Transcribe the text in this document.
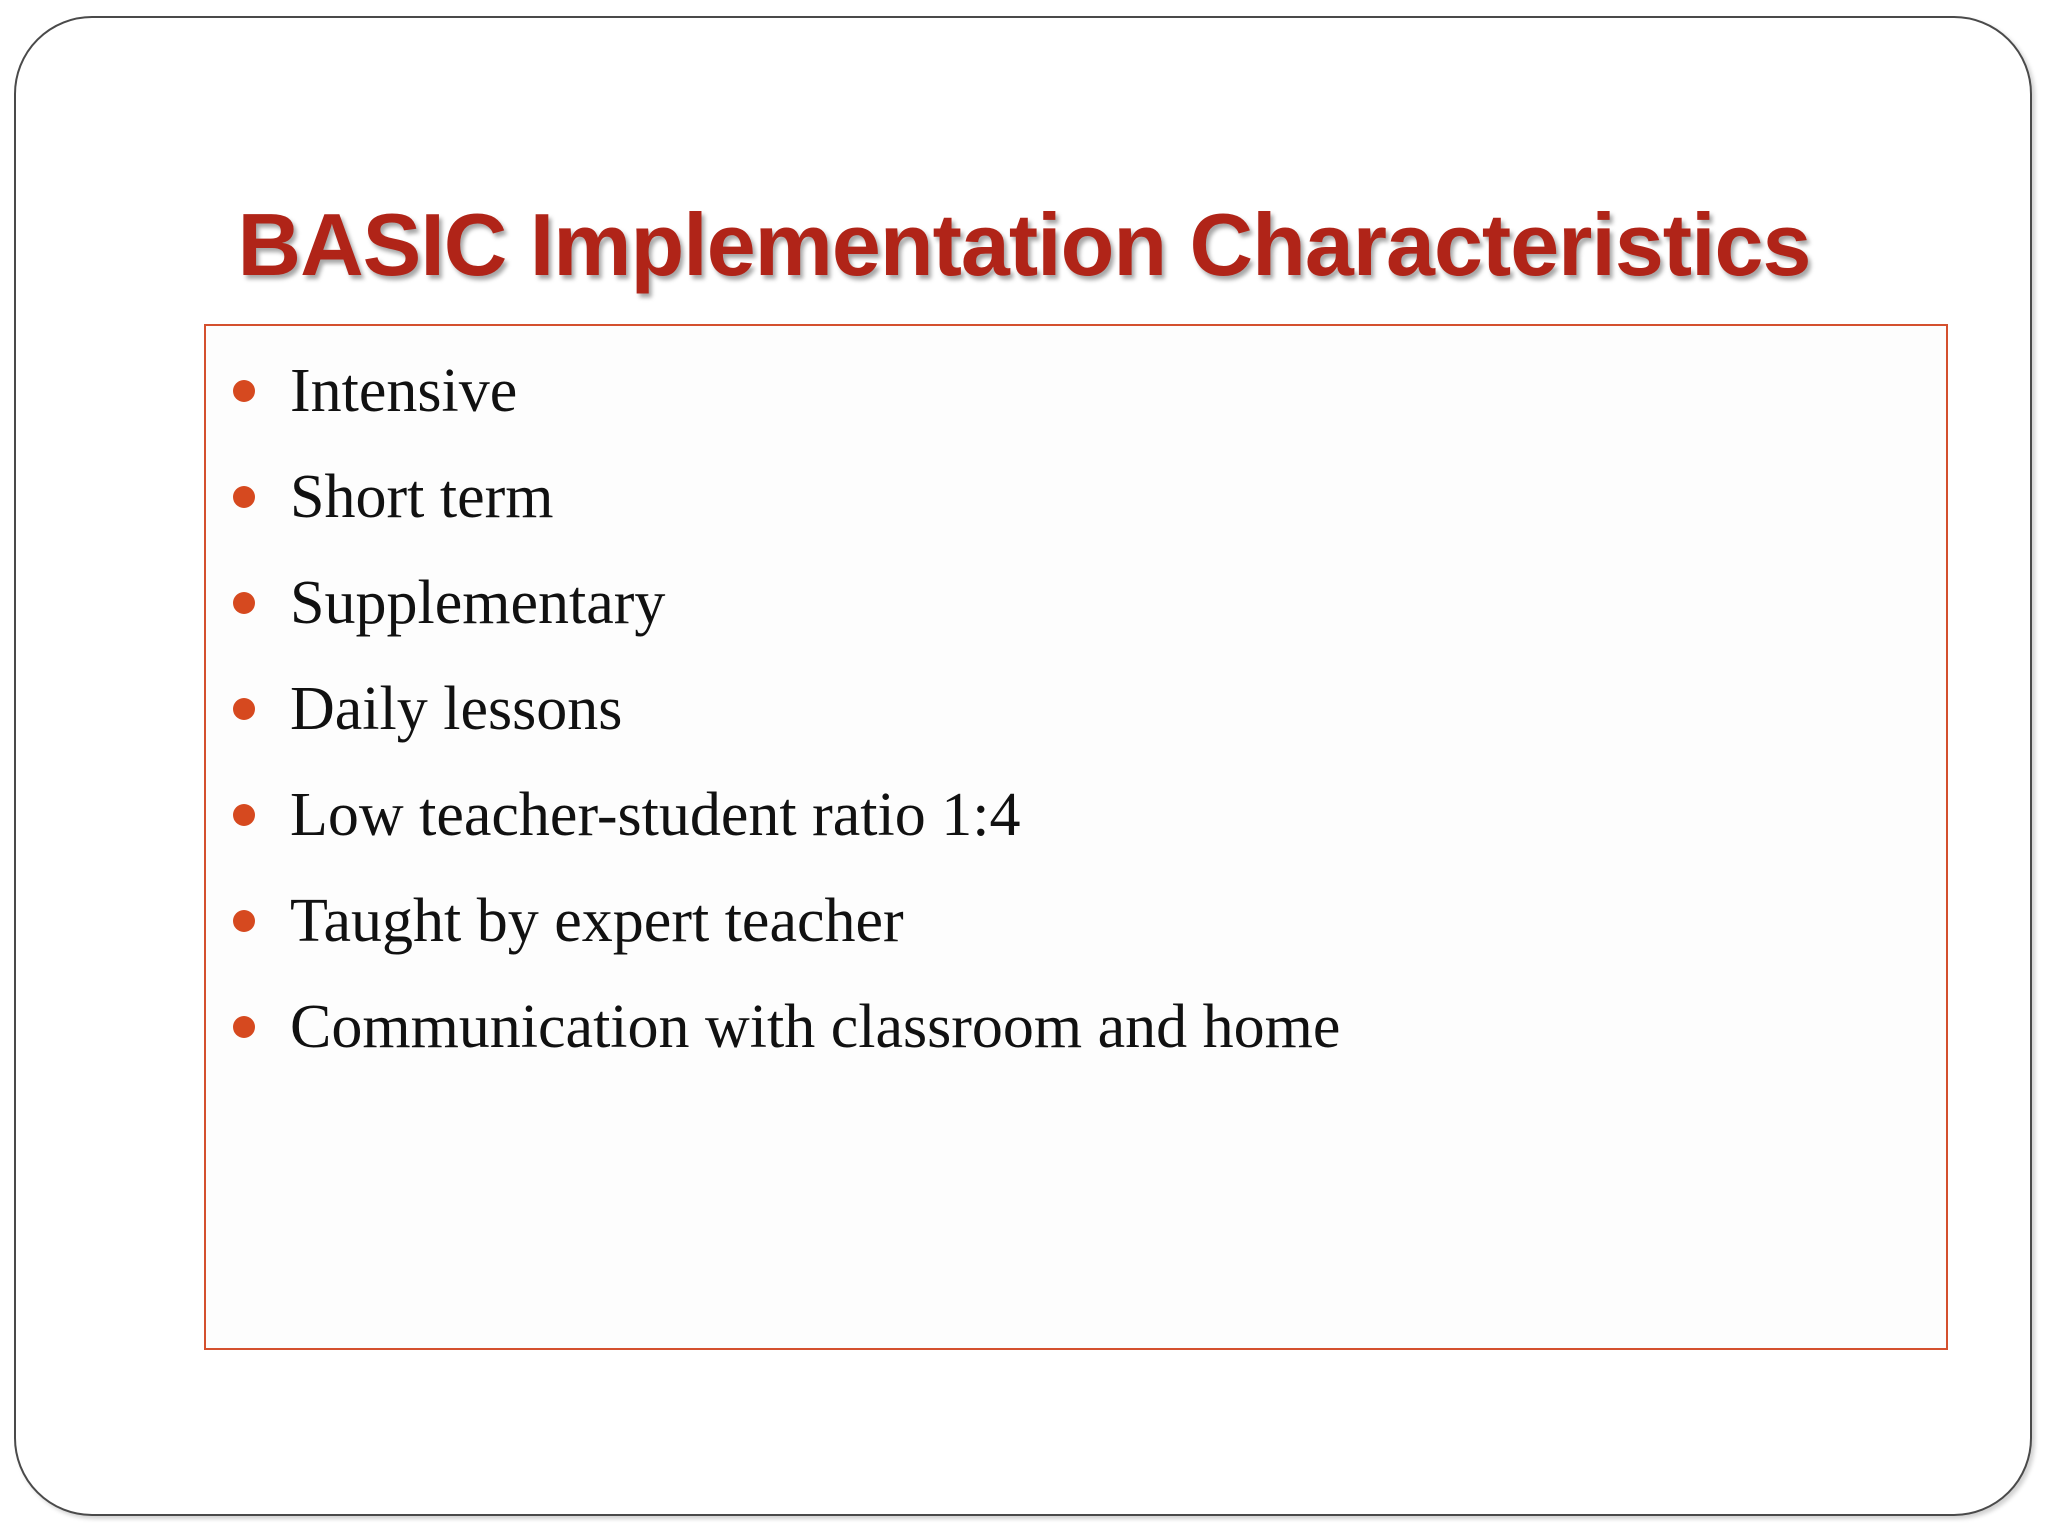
BASIC Implementation Characteristics
Intensive
Short term
Supplementary
Daily lessons
Low teacher-student ratio 1:4
Taught by expert teacher
Communication with classroom and home
